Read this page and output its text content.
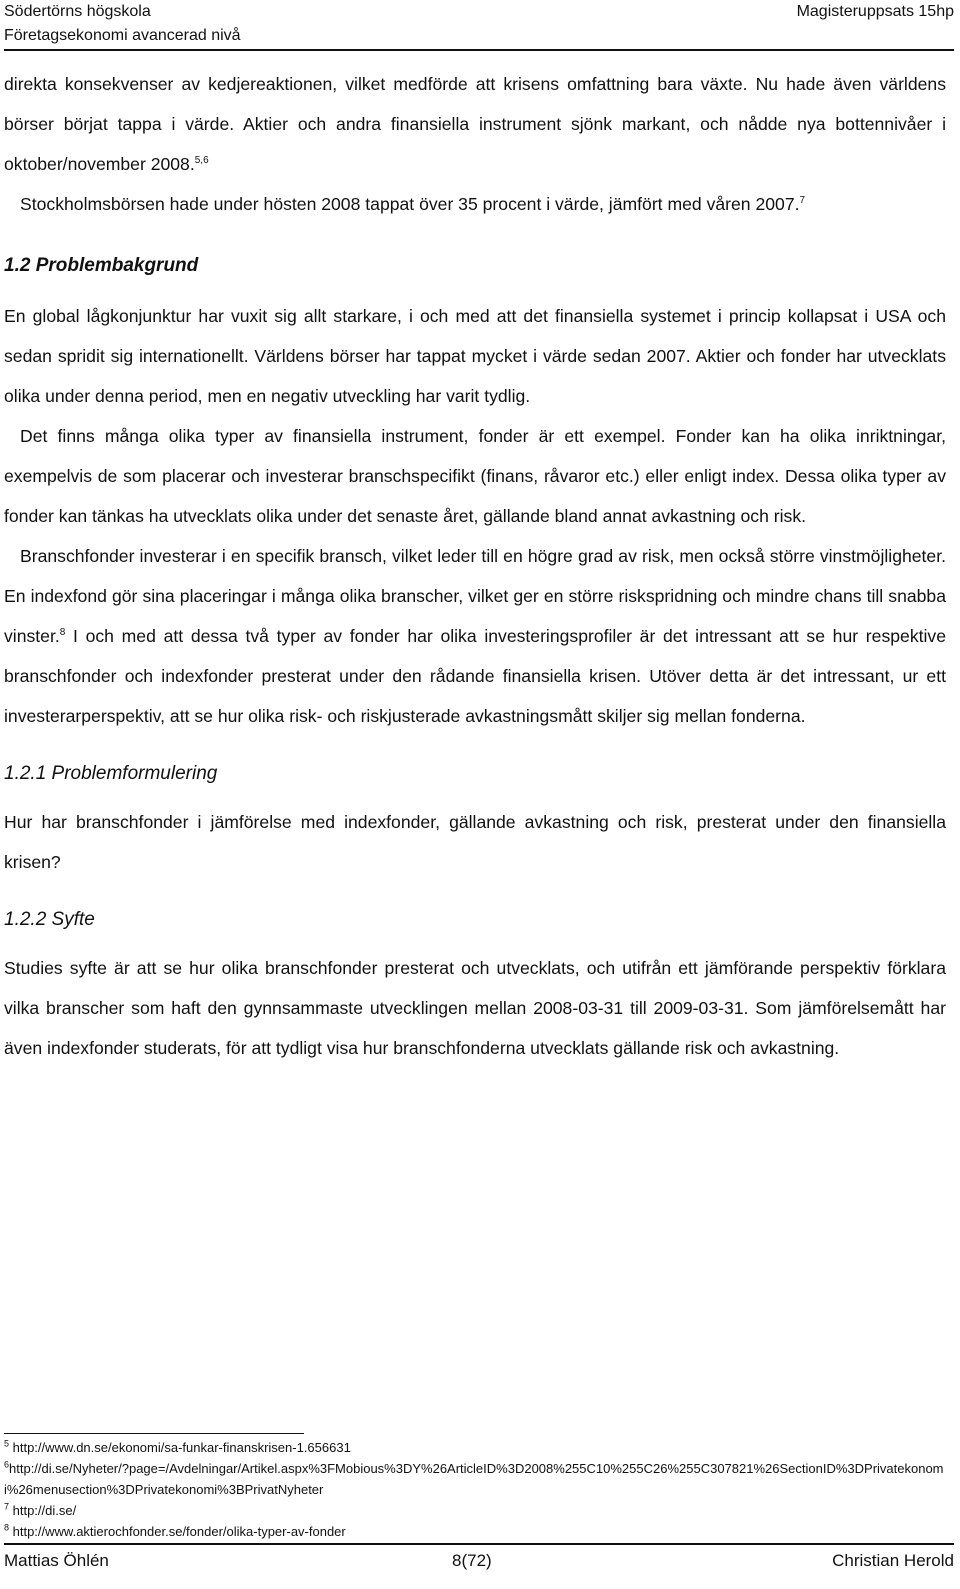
Södertörns högskola
Företagsekonomi avancerad nivå
Magisteruppsats 15hp

direkta konsekvenser av kedjereaktionen, vilket medförde att krisens omfattning bara växte. Nu hade även världens börser börjat tappa i värde. Aktier och andra finansiella instrument sjönk markant, och nådde nya bottennivåer i oktober/november 2008.$^{5,6}$

Stockholmsbörsen hade under hösten 2008 tappat över 35 procent i värde, jämfört med våren 2007.$^7$

1.2 Problembakgrund

En global lågkonjunktur har vuxit sig allt starkare, i och med att det finansiella systemet i princip kollapsat i USA och sedan spridit sig internationellt. Världens börser har tappat mycket i värde sedan 2007. Aktier och fonder har utvecklats olika under denna period, men en negativ utveckling har varit tydlig.

Det finns många olika typer av finansiella instrument, fonder är ett exempel. Fonder kan ha olika inriktningar, exempelvis de som placerar och investerar branschspecifikt (finans, råvaror etc.) eller enligt index. Dessa olika typer av fonder kan tänkas ha utvecklats olika under det senaste året, gällande bland annat avkastning och risk.

Branschfonder investerar i en specifik bransch, vilket leder till en högre grad av risk, men också större vinstmöjligheter. En indexfond gör sina placeringar i många olika branscher, vilket ger en större riskspridning och mindre chans till snabba vinster.$^8$ I och med att dessa två typer av fonder har olika investeringsprofiler är det intressant att se hur respektive branschfonder och indexfonder presterat under den rådande finansiella krisen. Utöver detta är det intressant, ur ett investerarperspektiv, att se hur olika risk- och riskjusterade avkastningsmått skiljer sig mellan fonderna.

1.2.1 Problemformulering

Hur har branschfonder i jämförelse med indexfonder, gällande avkastning och risk, presterat under den finansiella krisen?

1.2.2 Syfte

Studies syfte är att se hur olika branschfonder presterat och utvecklats, och utifrån ett jämförande perspektiv förklara vilka branscher som haft den gynnsammaste utvecklingen mellan 2008-03-31 till 2009-03-31. Som jämförelsemått har även indexfonder studerats, för att tydligt visa hur branschfonderna utvecklats gällande risk och avkastning.

$^5$ http://www.dn.se/ekonomi/sa-funkar-finanskrisen-1.656631

$^6$http://di.se/Nyheter/?page=/Avdelningar/Artikel.aspx%3FMobious%3DY%26ArticleID%3D2008%255C10%255C26%255C307821%26SectionID%3DPrivatekonomi%26menusection%3DPrivatekonomi%3BPrivatNyheter

$^7$ http://di.se/

$^8$ http://www.aktierochfonder.se/fonder/olika-typer-av-fonder

Mattias Öhlén	8(72)	Christian Herold
